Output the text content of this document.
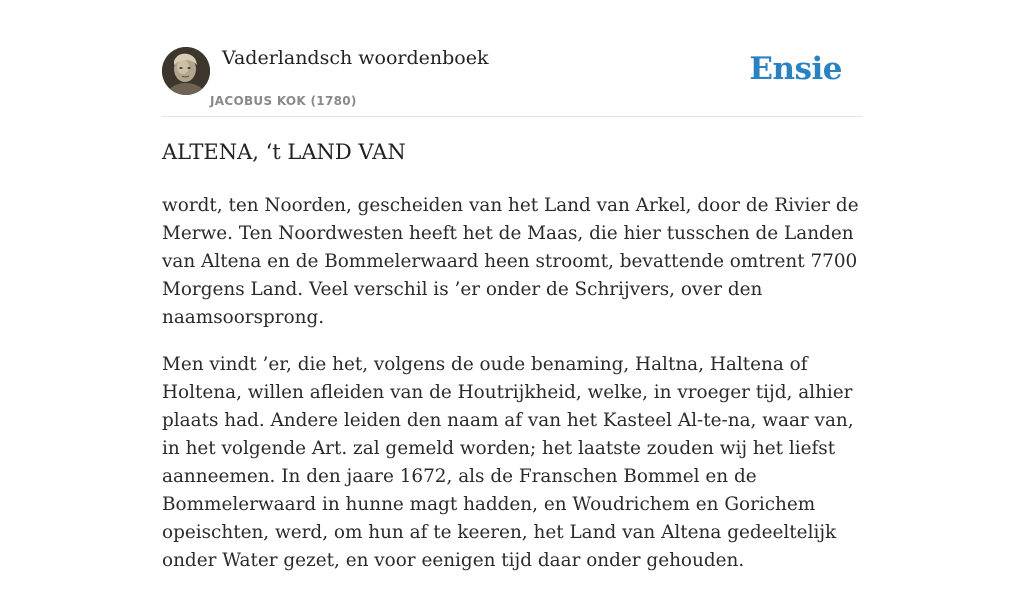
Vaderlandsch woordenboek
JACOBUS KOK (1780)
Ensie
ALTENA, ‘t LAND VAN

wordt, ten Noorden, gescheiden van het Land van Arkel, door de Rivier de Merwe. Ten Noordwesten heeft het de Maas, die hier tusschen de Landen van Altena en de Bommelerwaard heen stroomt, bevattende omtrent 7700 Morgens Land. Veel verschil is ’er onder de Schrijvers, over den naamsoorsprong.

Men vindt ’er, die het, volgens de oude benaming, Haltna, Haltena of Holtena, willen afleiden van de Houtrijkheid, welke, in vroeger tijd, alhier plaats had. Andere leiden den naam af van het Kasteel Al-te-na, waar van, in het volgende Art. zal gemeld worden; het laatste zouden wij het liefst aanneemen. In den jaare 1672, als de Franschen Bommel en de Bommelerwaard in hunne magt hadden, en Woudrichem en Gorichem opeischten, werd, om hun af te keeren, het Land van Altena gedeeltelijk onder Water gezet, en voor eenigen tijd daar onder gehouden.
